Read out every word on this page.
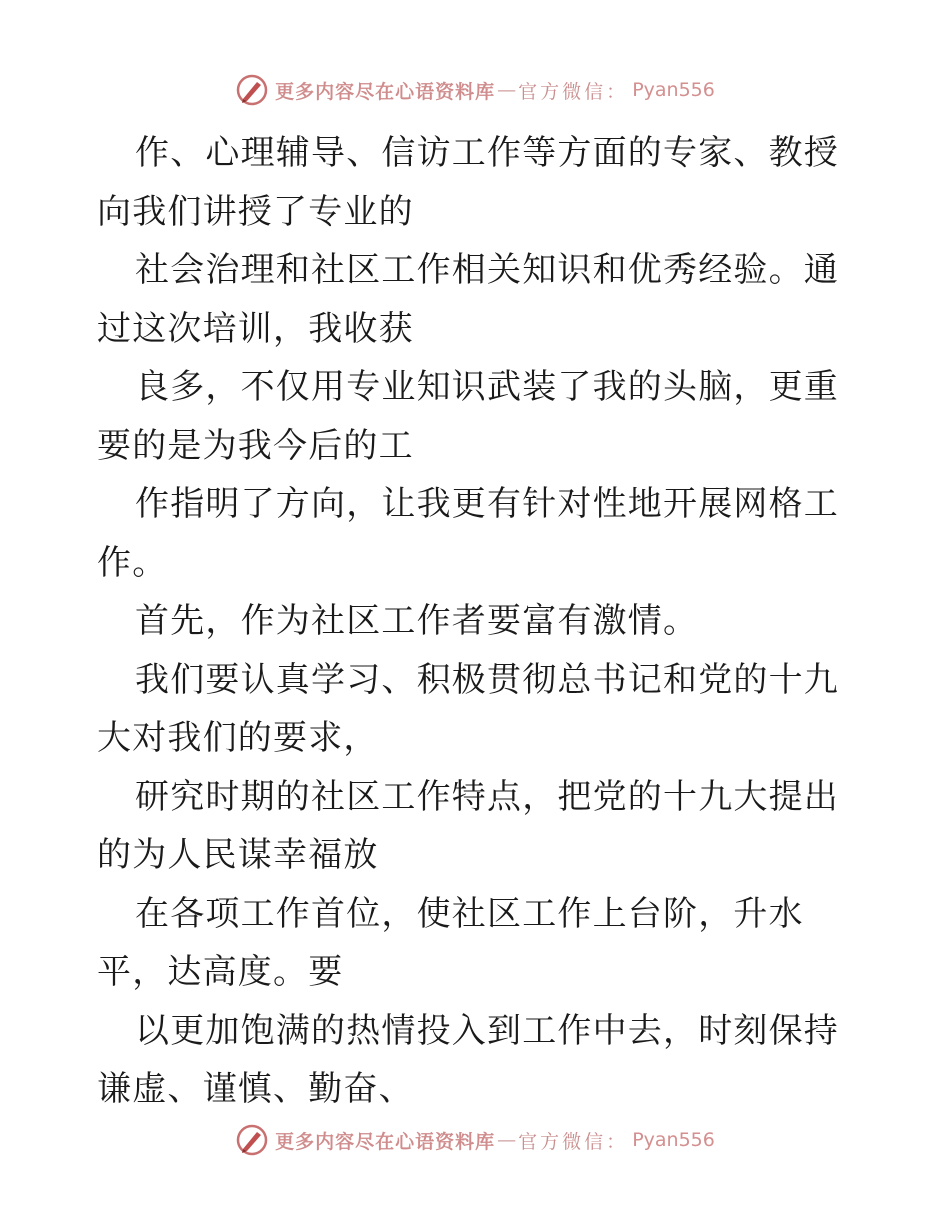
更多内容尽在心语资料库 — 官方微信： Pyan556

作、心理辅导、信访工作等方面的专家、教授向我们讲授了专业的

社会治理和社区工作相关知识和优秀经验。通过这次培训，我收获

良多，不仅用专业知识武装了我的头脑，更重要的是为我今后的工

作指明了方向，让我更有针对性地开展网格工作。

首先，作为社区工作者要富有激情。

我们要认真学习、积极贯彻总书记和党的十九大对我们的要求，

研究时期的社区工作特点，把党的十九大提出的为人民谋幸福放

在各项工作首位，使社区工作上台阶，升水平，达高度。要

以更加饱满的热情投入到工作中去，时刻保持谦虚、谨慎、勤奋、

更多内容尽在心语资料库 — 官方微信： Pyan556
